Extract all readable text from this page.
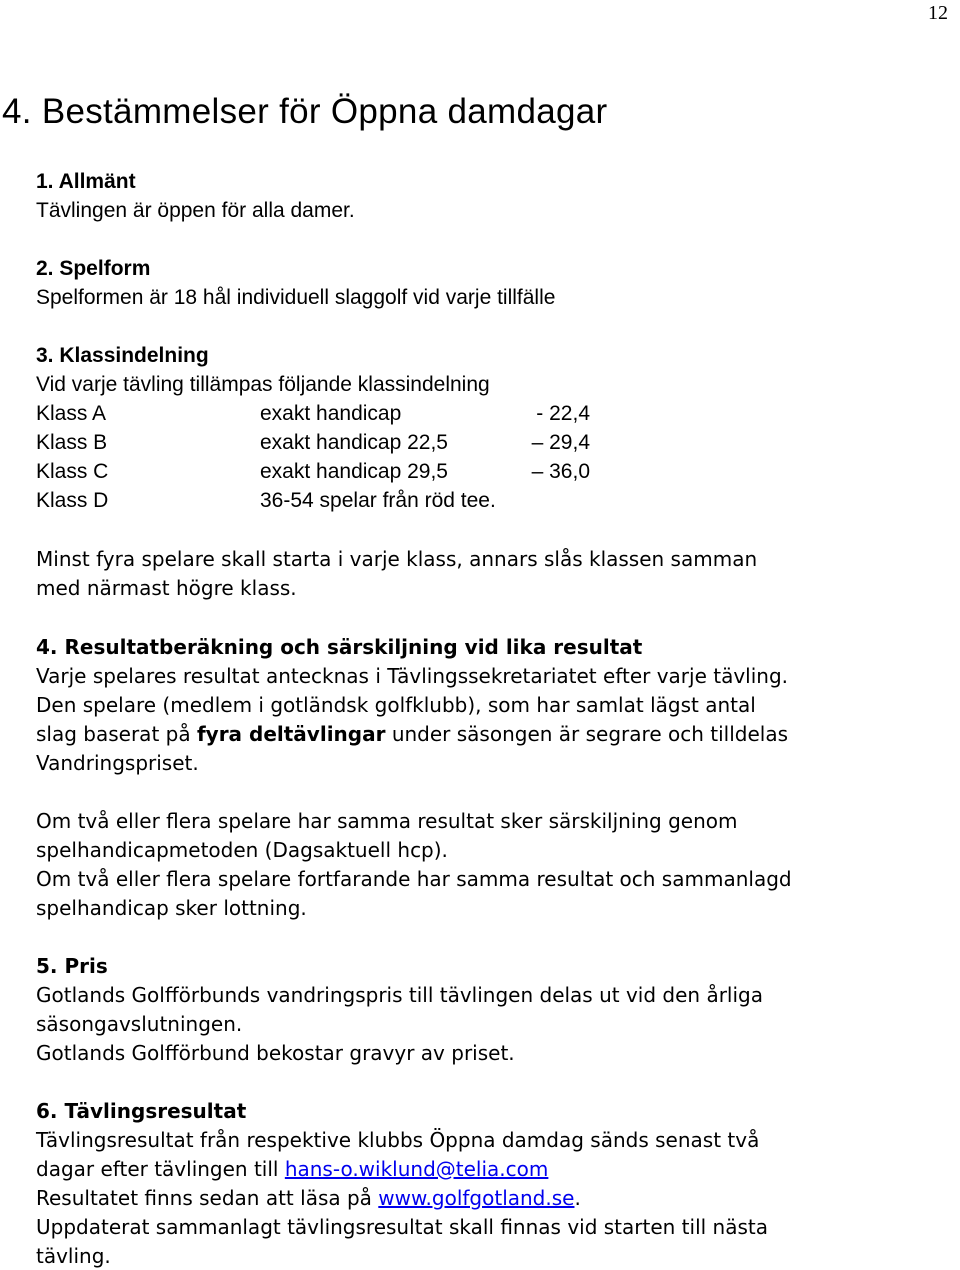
12
4. Bestämmelser för Öppna damdagar
1. Allmänt
Tävlingen är öppen för alla damer.
2. Spelform
Spelformen är 18 hål individuell slaggolf vid varje tillfälle
3. Klassindelning
Vid varje tävling tillämpas följande klassindelning
Klass A	exakt handicap	- 22,4
Klass B	exakt handicap 22,5	– 29,4
Klass C	exakt handicap 29,5	– 36,0
Klass D	36-54 spelar från röd tee.
Minst fyra spelare skall starta i varje klass, annars slås klassen samman
med närmast högre klass.
4. Resultatberäkning och särskiljning vid lika resultat
Varje spelares resultat antecknas i Tävlingssekretariatet efter varje tävling.
Den spelare (medlem i gotländsk golfklubb), som har samlat lägst antal
slag baserat på fyra deltävlingar under säsongen är segrare och tilldelas
Vandringspriset.
Om två eller flera spelare har samma resultat sker särskiljning genom
spelhandicapmetoden (Dagsaktuell hcp).
Om två eller flera spelare fortfarande har samma resultat och sammanlagd
spelhandicap sker lottning.
5. Pris
Gotlands Golfförbunds vandringspris till tävlingen delas ut vid den årliga
säsongavslutningen.
Gotlands Golfförbund bekostar gravyr av priset.
6. Tävlingsresultat
Tävlingsresultat från respektive klubbs Öppna damdag sänds senast två
dagar efter tävlingen till hans-o.wiklund@telia.com
Resultatet finns sedan att läsa på www.golfgotland.se.
Uppdaterat sammanlagt tävlingsresultat skall finnas vid starten till nästa
tävling.
